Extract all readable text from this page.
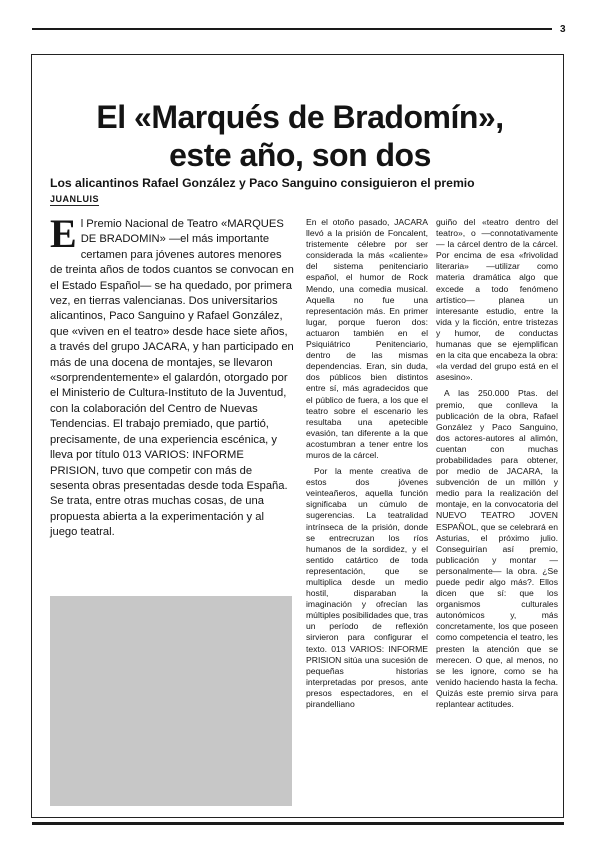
3
El «Marqués de Bradomín»,
este año, son dos
Los alicantinos Rafael González y Paco Sanguino consiguieron el premio
JUANLUIS
E l Premio Nacional de Teatro «MARQUES DE BRADOMIN» —el más importante certamen para jóvenes autores menores de treinta años de todos cuantos se convocan en el Estado Español— se ha quedado, por primera vez, en tierras valencianas. Dos universitarios alicantinos, Paco Sanguino y Rafael González, que «viven en el teatro» desde hace siete años, a través del grupo JACARA, y han participado en más de una docena de montajes, se llevaron «sorprendentemente» el galardón, otorgado por el Ministerio de Cultura-Instituto de la Juventud, con la colaboración del Centro de Nuevas Tendencias. El trabajo premiado, que partió, precisamente, de una experiencia escénica, y lleva por título 013 VARIOS: INFORME PRISION, tuvo que competir con más de sesenta obras presentadas desde toda España. Se trata, entre otras muchas cosas, de una propuesta abierta a la experimentación y al juego teatral.

En el otoño pasado, JACARA llevó a la prisión de Foncalent, tristemente célebre por ser considerada la más «caliente» del sistema penitenciario español, el humor de Rock Mendo, una comedia musical. Aquella no fue una representación más. En primer lugar, porque fueron dos: actuaron también en el Psiquiátrico Penitenciario, dentro de las mismas dependencias. Eran, sin duda, dos públicos bien distintos entre sí, más agradecidos que el público de fuera, a los que el teatro sobre el escenario les resultaba una apetecible evasión, tan diferente a la que acostumbran a tener entre los muros de la cárcel.

Por la mente creativa de estos dos jóvenes veinteañeros, aquella función significaba un cúmulo de sugerencias. La teatralidad intrínseca de la prisión, donde se entrecruzan los ríos humanos de la sordidez, y el sentido catártico de toda representación, que se multiplica desde un medio hostil, disparaban la imaginación y ofrecían las múltiples posibilidades que, tras un período de reflexión sirvieron para configurar el texto. 013 VARIOS: INFORME PRISION sitúa una sucesión de pequeñas historias interpretadas por presos, ante presos espectadores, en el pirandelliano

guiño del «teatro dentro del teatro», o —connotativamente— la cárcel dentro de la cárcel. Por encima de esa «frivolidad literaria» —utilizar como materia dramática algo que excede a todo fenómeno artístico— planea un interesante estudio, entre la vida y la ficción, entre tristezas y humor, de conductas humanas que se ejemplifican en la cita que encabeza la obra: «la verdad del grupo está en el asesino».

A las 250.000 Ptas. del premio, que conlleva la publicación de la obra, Rafael González y Paco Sanguino, dos actores-autores al alimón, cuentan con muchas probabilidades para obtener, por medio de JACARA, la subvención de un millón y medio para la realización del montaje, en la convocatoria del NUEVO TEATRO JOVEN ESPAÑOL, que se celebrará en Asturias, el próximo julio. Conseguirían así premio, publicación y montar —personalmente— la obra. ¿Se puede pedir algo más?. Ellos dicen que sí: que los organismos culturales autonómicos y, más concretamente, los que poseen como competencia el teatro, les presten la atención que se merecen. O que, al menos, no se les ignore, como se ha venido haciendo hasta la fecha. Quizás este premio sirva para replantear actitudes.
